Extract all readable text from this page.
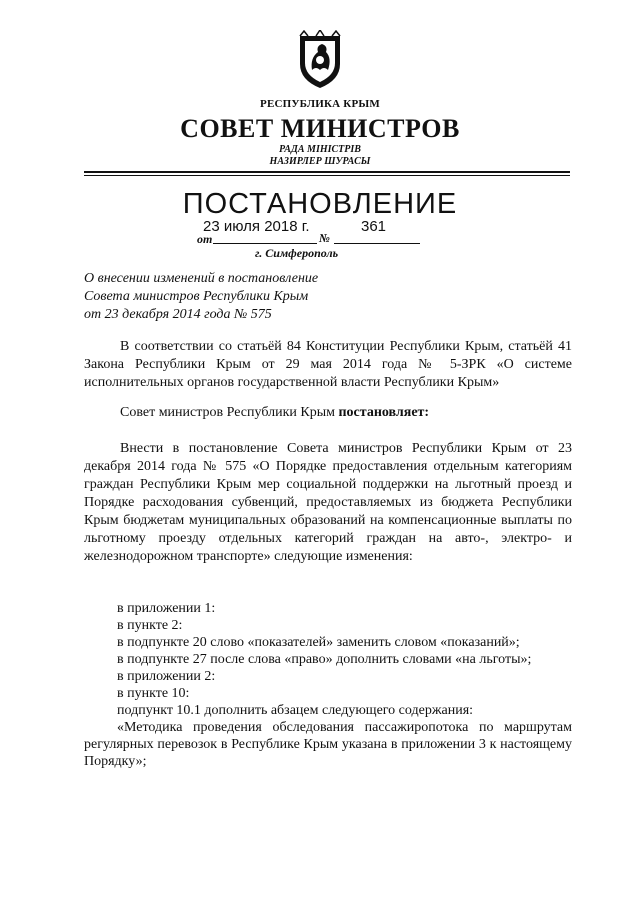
РЕСПУБЛИКА КРЫМ
СОВЕТ МИНИСТРОВ
РАДА МІНІСТРІВ
НАЗИРЛЕР ШУРАСЫ
ПОСТАНОВЛЕНИЕ
23 июля 2018 г.	361
от	№
г. Симферополь
О внесении изменений в постановление
Совета министров Республики Крым
от 23 декабря 2014 года № 575
В соответствии со статьёй 84 Конституции Республики Крым, статьёй 41 Закона Республики Крым от 29 мая 2014 года № 5-ЗРК «О системе исполнительных органов государственной власти Республики Крым»
Совет министров Республики Крым постановляет:
Внести в постановление Совета министров Республики Крым от 23 декабря 2014 года № 575 «О Порядке предоставления отдельным категориям граждан Республики Крым мер социальной поддержки на льготный проезд и Порядке расходования субвенций, предоставляемых из бюджета Республики Крым бюджетам муниципальных образований на компенсационные выплаты по льготному проезду отдельных категорий граждан на авто-, электро- и железнодорожном транспорте» следующие изменения:
в приложении 1:
в пункте 2:
в подпункте 20 слово «показателей» заменить словом «показаний»;
в подпункте 27 после слова «право» дополнить словами «на льготы»;
в приложении 2:
в пункте 10:
подпункт 10.1 дополнить абзацем следующего содержания:
«Методика проведения обследования пассажиропотока по маршрутам регулярных перевозок в Республике Крым указана в приложении 3 к настоящему Порядку»;
